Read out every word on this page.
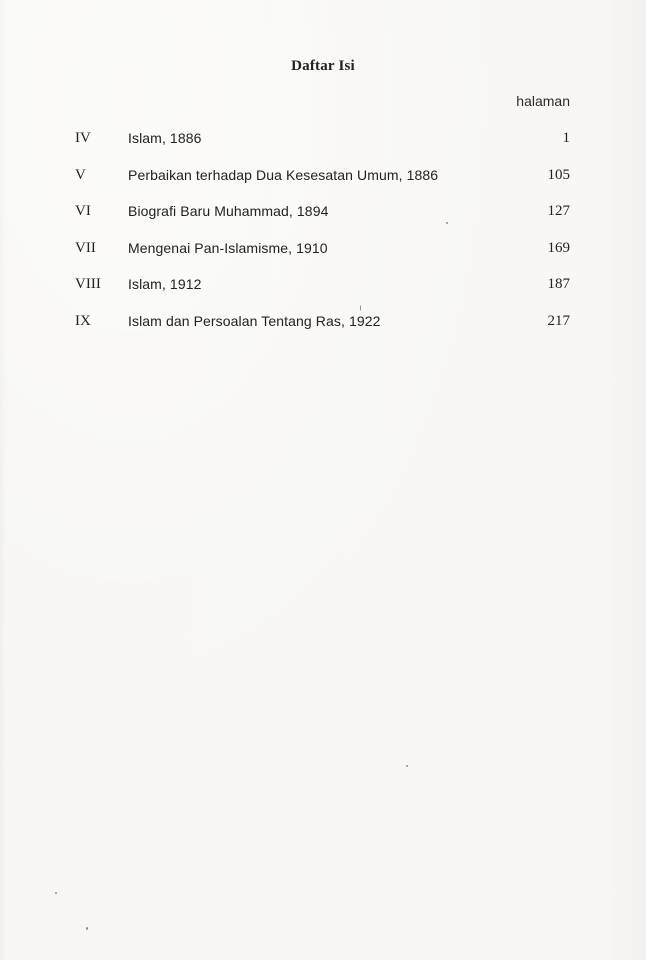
Daftar Isi
halaman
IV	Islam, 1886	1
V	Perbaikan terhadap Dua Kesesatan Umum, 1886	105
VI	Biografi Baru Muhammad, 1894	127
VII Mengenai Pan-Islamisme, 1910	169
VIII Islam, 1912	187
IX	Islam dan Persoalan Tentang Ras, 1922	217
